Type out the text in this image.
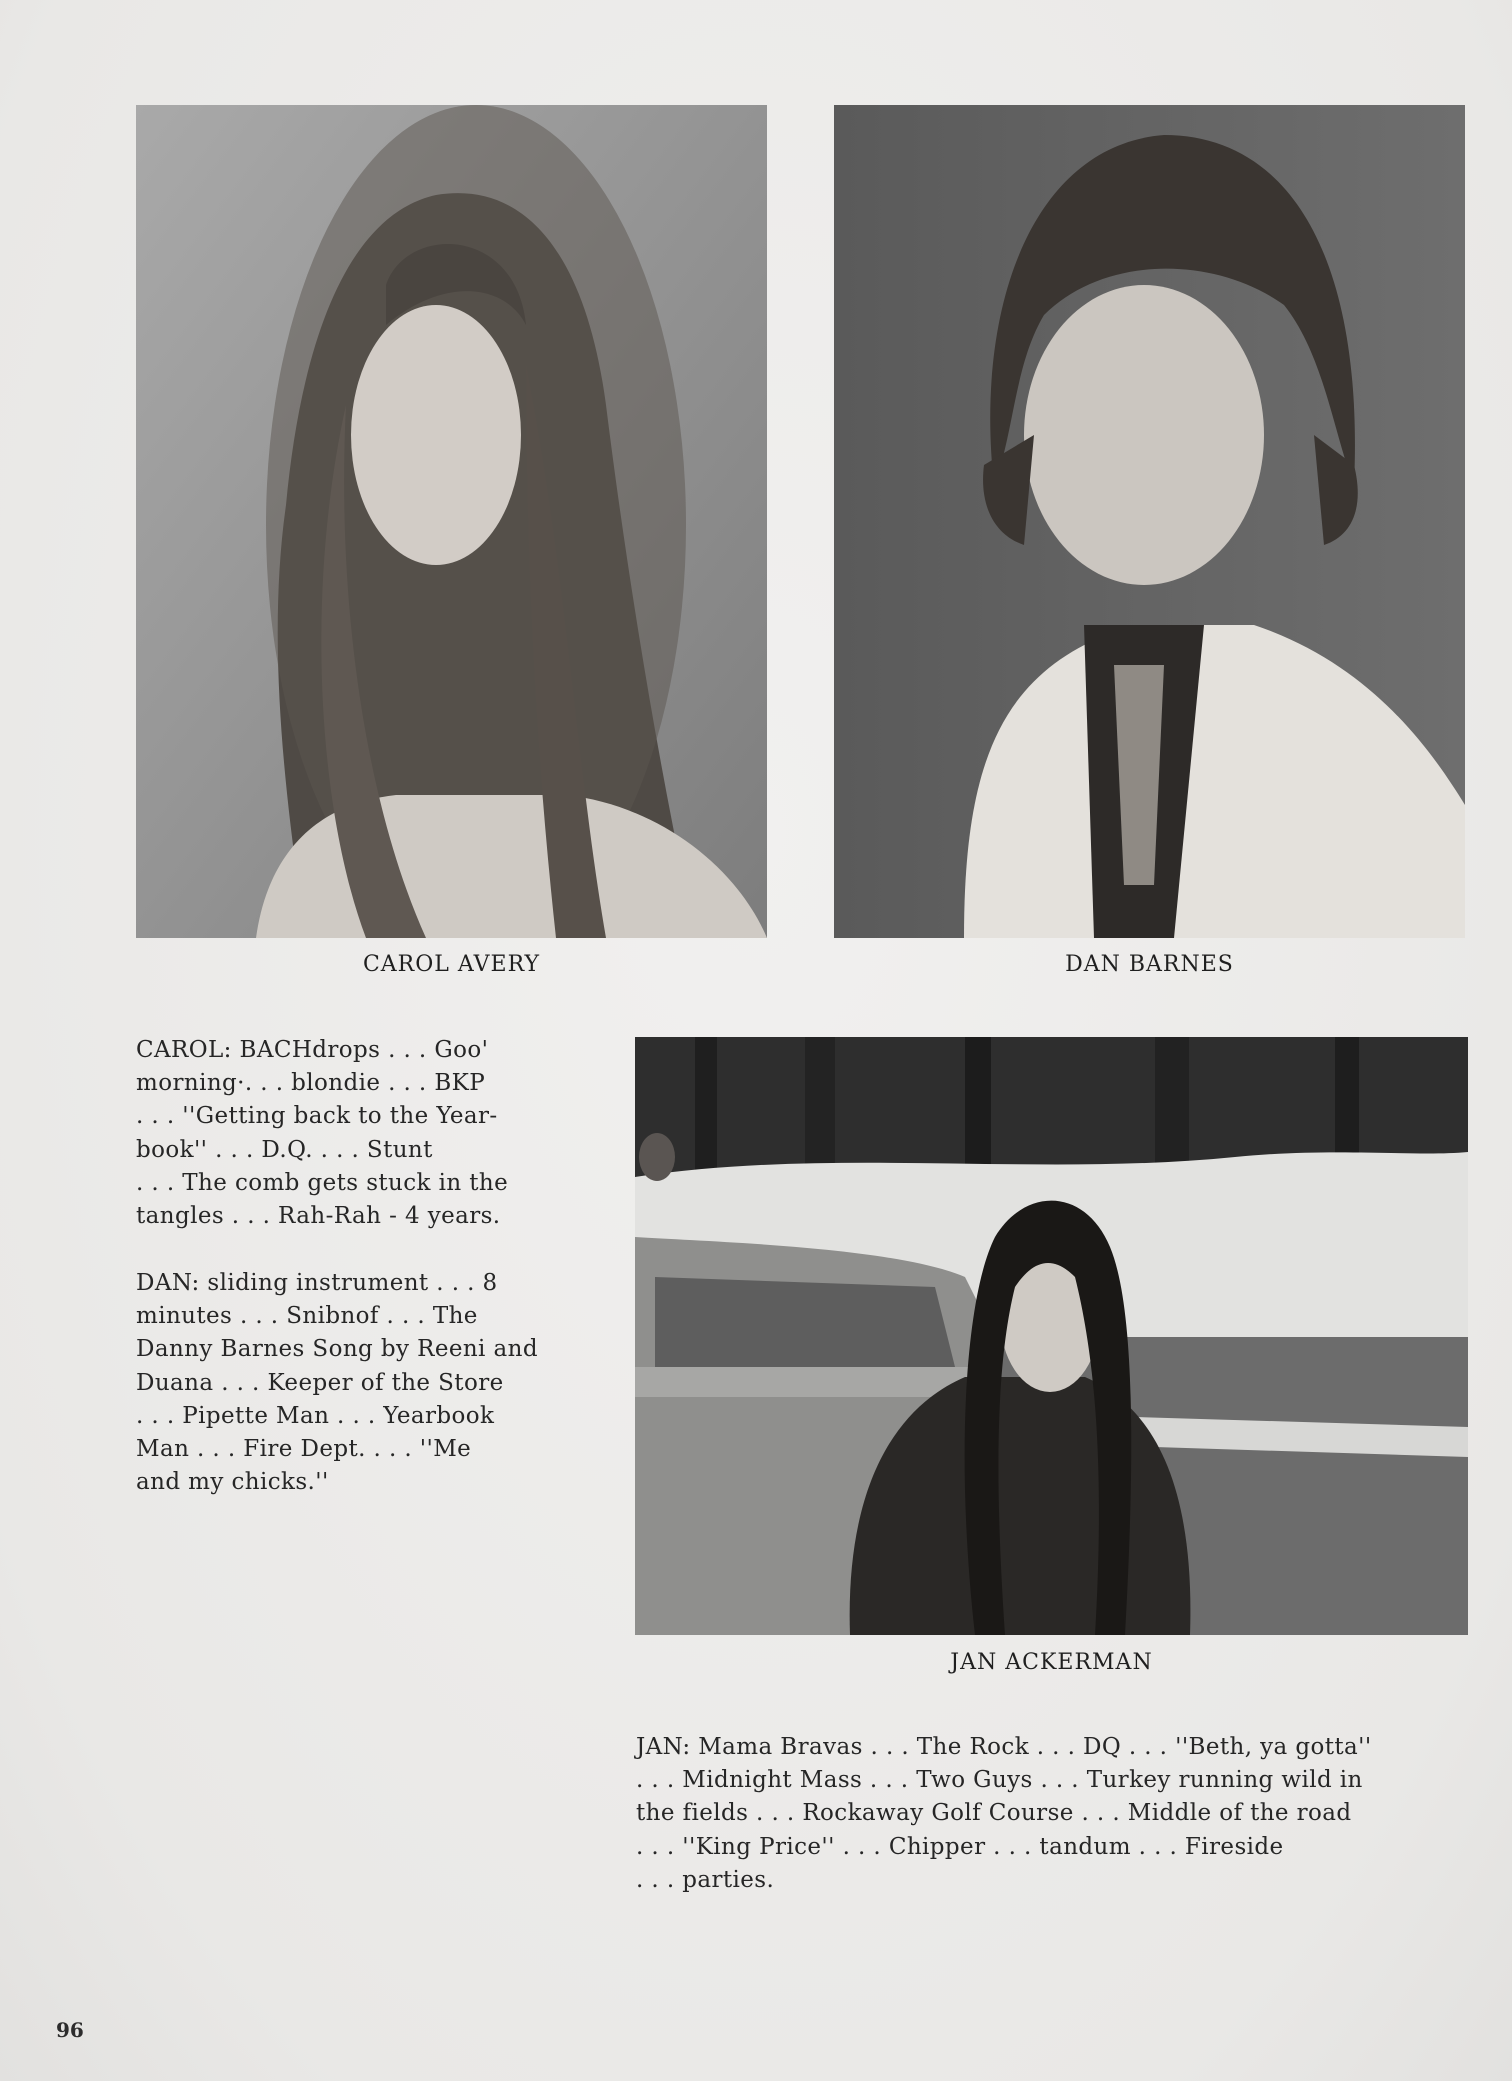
CAROL AVERY	DAN BARNES

CAROL: BACHdrops . . . Goo'
morning·. . . blondie . . . BKP
. . . ''Getting back to the Year-
book'' . . . D.Q. . . . Stunt
. . . The comb gets stuck in the
tangles . . . Rah-Rah - 4 years.

DAN: sliding instrument . . . 8
minutes . . . Snibnof . . . The
Danny Barnes Song by Reeni and
Duana . . . Keeper of the Store
. . . Pipette Man . . . Yearbook
Man . . . Fire Dept. . . . ''Me
and my chicks.''

JAN ACKERMAN

JAN: Mama Bravas . . . The Rock . . . DQ . . . ''Beth, ya gotta''
. . . Midnight Mass . . . Two Guys . . . Turkey running wild in
the fields . . . Rockaway Golf Course . . . Middle of the road
. . . ''King Price'' . . . Chipper . . . tandum . . . Fireside
. . . parties.

96
